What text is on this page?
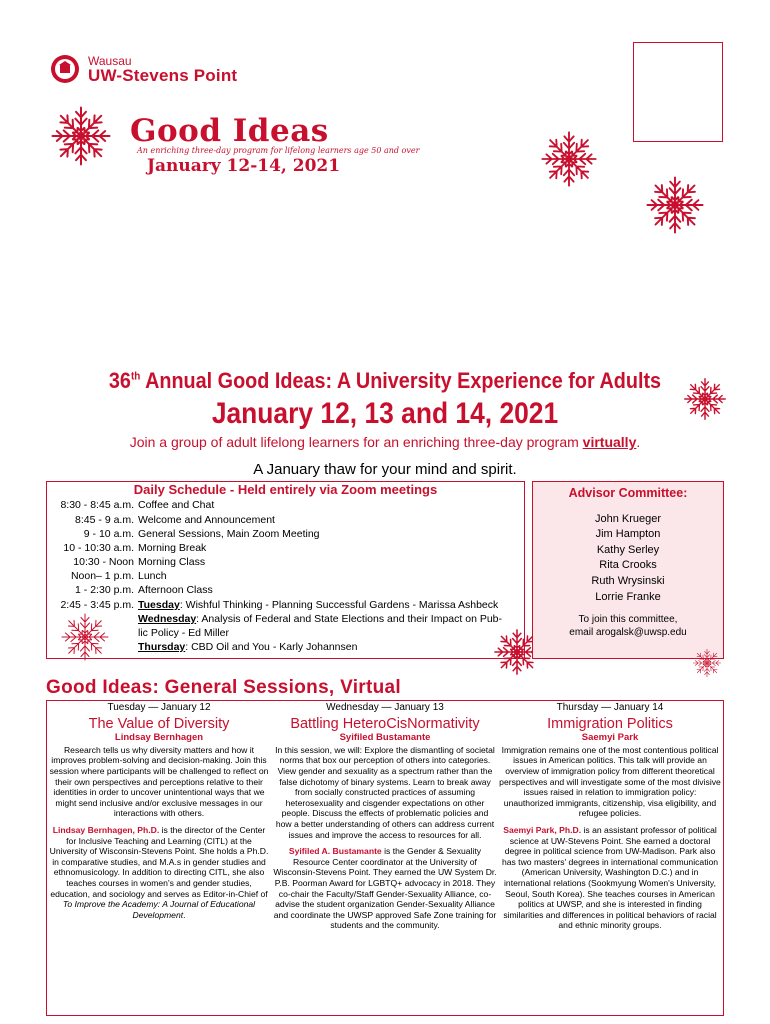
Wausau
UW-Stevens Point
Good Ideas
An enriching three-day program for lifelong learners age 50 and over
January 12-14, 2021
36th Annual Good Ideas: A University Experience for Adults
January 12, 13 and 14, 2021
Join a group of adult lifelong learners for an enriching three-day program virtually.
A January thaw for your mind and spirit.
Daily Schedule - Held entirely via Zoom meetings
8:30 - 8:45 a.m. Coffee and Chat
8:45 - 9 a.m. Welcome and Announcement
9 - 10 a.m. General Sessions, Main Zoom Meeting
10 - 10:30 a.m. Morning Break
10:30 - Noon Morning Class
Noon– 1 p.m. Lunch
1 - 2:30 p.m. Afternoon Class
2:45 - 3:45 p.m. Tuesday: Wishful Thinking - Planning Successful Gardens - Marissa Ashbeck
Wednesday: Analysis of Federal and State Elections and their Impact on Pub-
lic Policy - Ed Miller
Thursday: CBD Oil and You - Karly Johannsen
Advisor Committee:
John Krueger
Jim Hampton
Kathy Serley
Rita Crooks
Ruth Wrysinski
Lorrie Franke
To join this committee,
email arogalsk@uwsp.edu
Good Ideas: General Sessions, Virtual
Tuesday — January 12
The Value of Diversity
Lindsay Bernhagen
Research tells us why diversity matters and how it improves problem-solving and decision-making. Join this session where participants will be challenged to reflect on their own perspectives and perceptions relative to their identities in order to uncover unintentional ways that we might send inclusive and/or exclusive messages in our interactions with others.
Lindsay Bernhagen, Ph.D. is the director of the Center for Inclusive Teaching and Learning (CITL) at the University of Wisconsin-Stevens Point. She holds a Ph.D. in comparative studies, and M.A.s in gender studies and ethnomusicology. In addition to directing CITL, she also teaches courses in women's and gender studies, education, and sociology and serves as Editor-in-Chief of To Improve the Academy: A Journal of Educational Development.
Wednesday — January 13
Battling HeteroCisNormativity
Syifiled Bustamante
In this session, we will: Explore the dismantling of societal norms that box our perception of others into categories. View gender and sexuality as a spectrum rather than the false dichotomy of binary systems. Learn to break away from socially constructed practices of assuming heterosexuality and cisgender expectations on other people. Discuss the effects of problematic policies and how a better understanding of others can address current issues and improve the access to resources for all.
Syifiled A. Bustamante is the Gender & Sexuality Resource Center coordinator at the University of Wisconsin-Stevens Point. They earned the UW System Dr. P.B. Poorman Award for LGBTQ+ advocacy in 2018. They co-chair the Faculty/Staff Gender-Sexuality Alliance, co-advise the student organization Gender-Sexuality Alliance and coordinate the UWSP approved Safe Zone training for students and the community.
Thursday — January 14
Immigration Politics
Saemyi Park
Immigration remains one of the most contentious political issues in American politics. This talk will provide an overview of immigration policy from different theoretical perspectives and will investigate some of the most divisive issues raised in relation to immigration policy: unauthorized immigrants, citizenship, visa eligibility, and refugee policies.
Saemyi Park, Ph.D. is an assistant professor of political science at UW-Stevens Point. She earned a doctoral degree in political science from UW-Madison. Park also has two masters' degrees in international communication (American University, Washington D.C.) and in international relations (Sookmyung Women's University, Seoul, South Korea). She teaches courses in American politics at UWSP, and she is interested in finding similarities and differences in political behaviors of racial and ethnic minority groups.
